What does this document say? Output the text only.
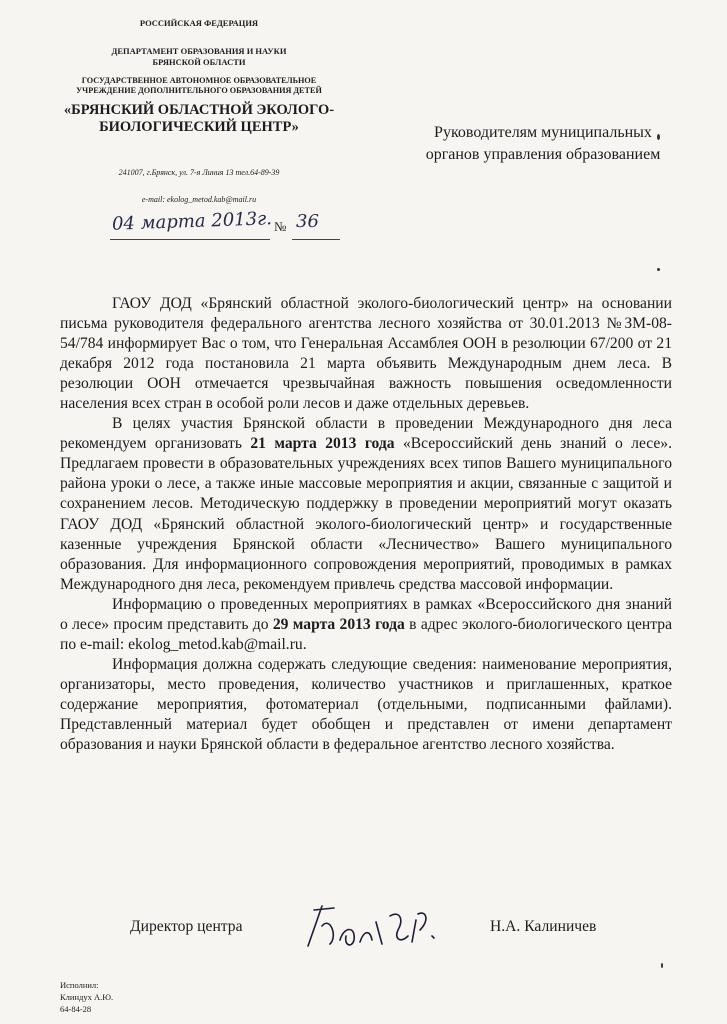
РОССИЙСКАЯ ФЕДЕРАЦИЯ
ДЕПАРТАМЕНТ ОБРАЗОВАНИЯ И НАУКИ
БРЯНСКОЙ ОБЛАСТИ
ГОСУДАРСТВЕННОЕ АВТОНОМНОЕ ОБРАЗОВАТЕЛЬНОЕ
УЧРЕЖДЕНИЕ ДОПОЛНИТЕЛЬНОГО ОБРАЗОВАНИЯ ДЕТЕЙ
«БРЯНСКИЙ ОБЛАСТНОЙ ЭКОЛОГО-
БИОЛОГИЧЕСКИЙ ЦЕНТР»
241007, г.Брянск, ул. 7-я Линия 13 тел.64-89-39
e-mail: ekolog_metod.kab@mail.ru
04 марта 2013г. № 36
Руководителям муниципальных
органов управления образованием

ГАОУ ДОД «Брянский областной эколого-биологический центр» на основании письма руководителя федерального агентства лесного хозяйства от 30.01.2013 №ЗМ-08-54/784 информирует Вас о том, что Генеральная Ассамблея ООН в резолюции 67/200 от 21 декабря 2012 года постановила 21 марта объявить Международным днем леса. В резолюции ООН отмечается чрезвычайная важность повышения осведомленности населения всех стран в особой роли лесов и даже отдельных деревьев.

В целях участия Брянской области в проведении Международного дня леса рекомендуем организовать 21 марта 2013 года «Всероссийский день знаний о лесе». Предлагаем провести в образовательных учреждениях всех типов Вашего муниципального района уроки о лесе, а также иные массовые мероприятия и акции, связанные с защитой и сохранением лесов. Методическую поддержку в проведении мероприятий могут оказать ГАОУ ДОД «Брянский областной эколого-биологический центр» и государственные казенные учреждения Брянской области «Лесничество» Вашего муниципального образования. Для информационного сопровождения мероприятий, проводимых в рамках Международного дня леса, рекомендуем привлечь средства массовой информации.

Информацию о проведенных мероприятиях в рамках «Всероссийского дня знаний о лесе» просим представить до 29 марта 2013 года в адрес эколого-биологического центра по e-mail: ekolog_metod.kab@mail.ru.

Информация должна содержать следующие сведения: наименование мероприятия, организаторы, место проведения, количество участников и приглашенных, краткое содержание мероприятия, фотоматериал (отдельными, подписанными файлами). Представленный материал будет обобщен и представлен от имени департамент образования и науки Брянской области в федеральное агентство лесного хозяйства.

Директор центра	Н.А. Калиничев
Исполнил:
Клиндух А.Ю.
64-84-28
